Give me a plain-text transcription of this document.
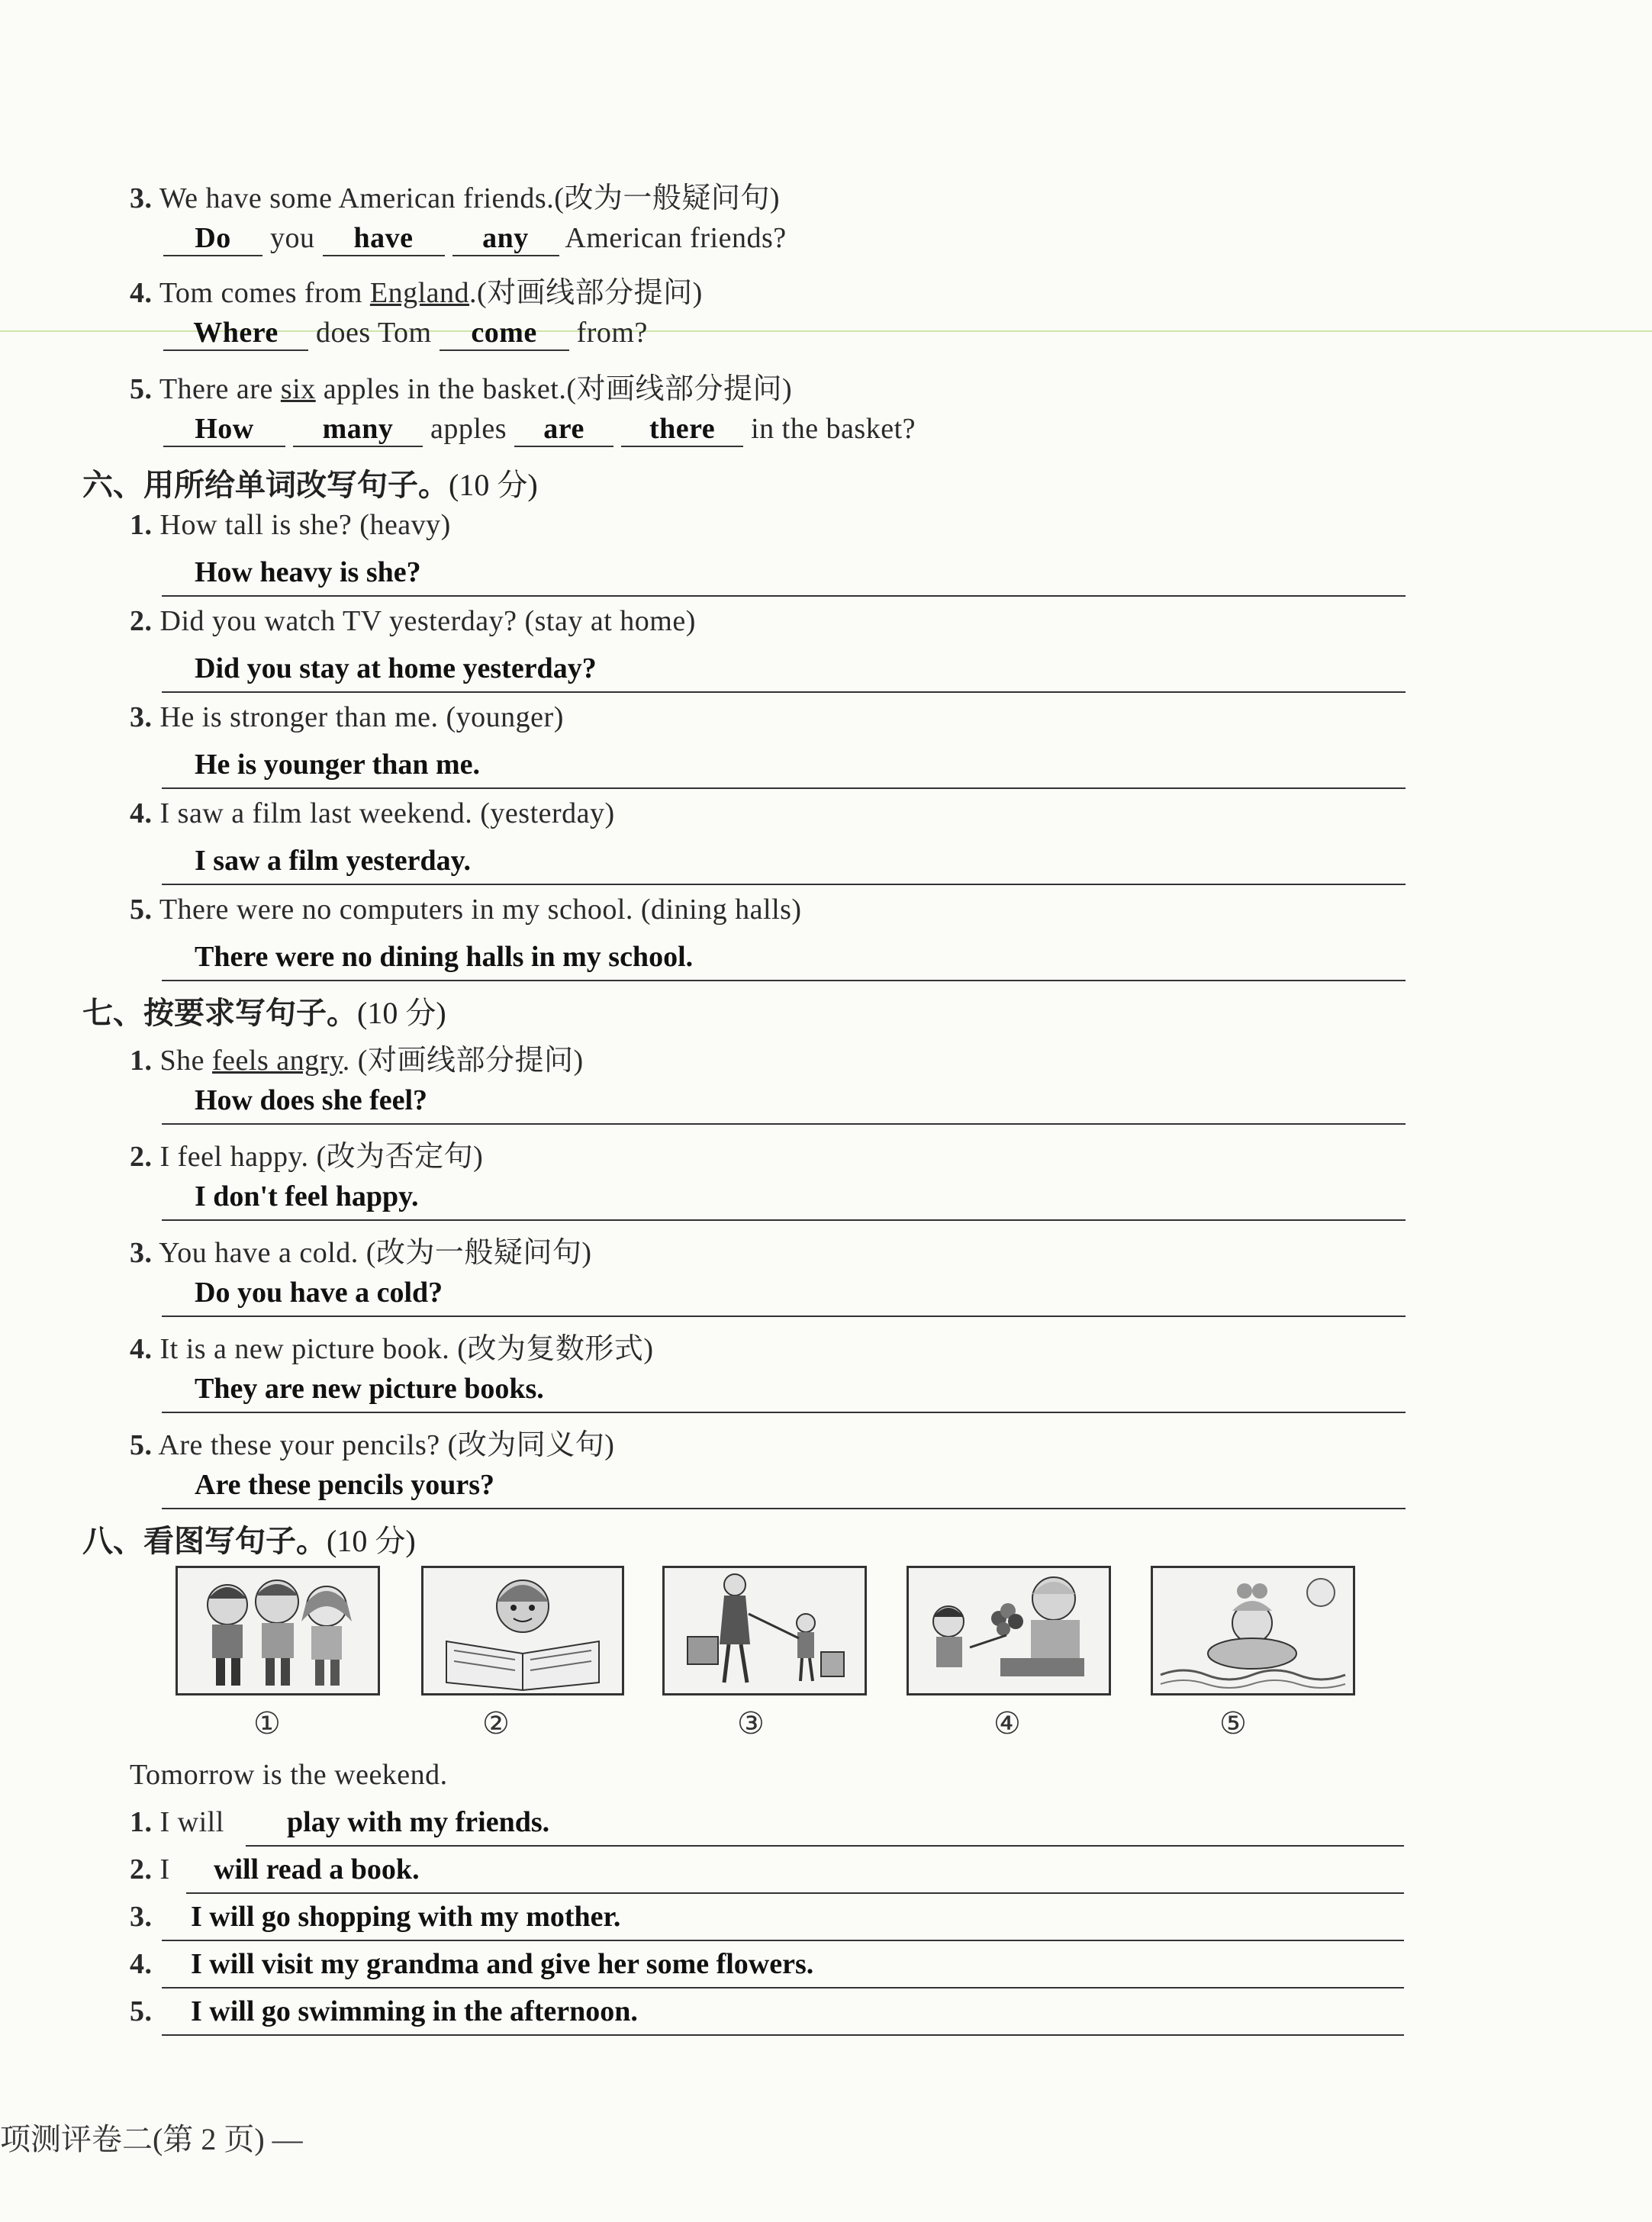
3. We have some American friends.(改为一般疑问句)
Do you have any American friends?
4. Tom comes from England.(对画线部分提问)
Where does Tom come from?
5. There are six apples in the basket.(对画线部分提问)
How many apples are there in the basket?
六、用所给单词改写句子。(10 分)
1. How tall is she? (heavy)
How heavy is she?
2. Did you watch TV yesterday? (stay at home)
Did you stay at home yesterday?
3. He is stronger than me. (younger)
He is younger than me.
4. I saw a film last weekend. (yesterday)
I saw a film yesterday.
5. There were no computers in my school. (dining halls)
There were no dining halls in my school.
七、按要求写句子。(10 分)
1. She feels angry. (对画线部分提问)
How does she feel?
2. I feel happy. (改为否定句)
I don't feel happy.
3. You have a cold. (改为一般疑问句)
Do you have a cold?
4. It is a new picture book. (改为复数形式)
They are new picture books.
5. Are these your pencils? (改为同义句)
Are these pencils yours?
八、看图写句子。(10 分)
①	②	③	④	⑤
Tomorrow is the weekend.
1. I will play with my friends.
2. I will read a book.
3. I will go shopping with my mother.
4. I will visit my grandma and give her some flowers.
5. I will go swimming in the afternoon.
项测评卷二(第 2 页) —
